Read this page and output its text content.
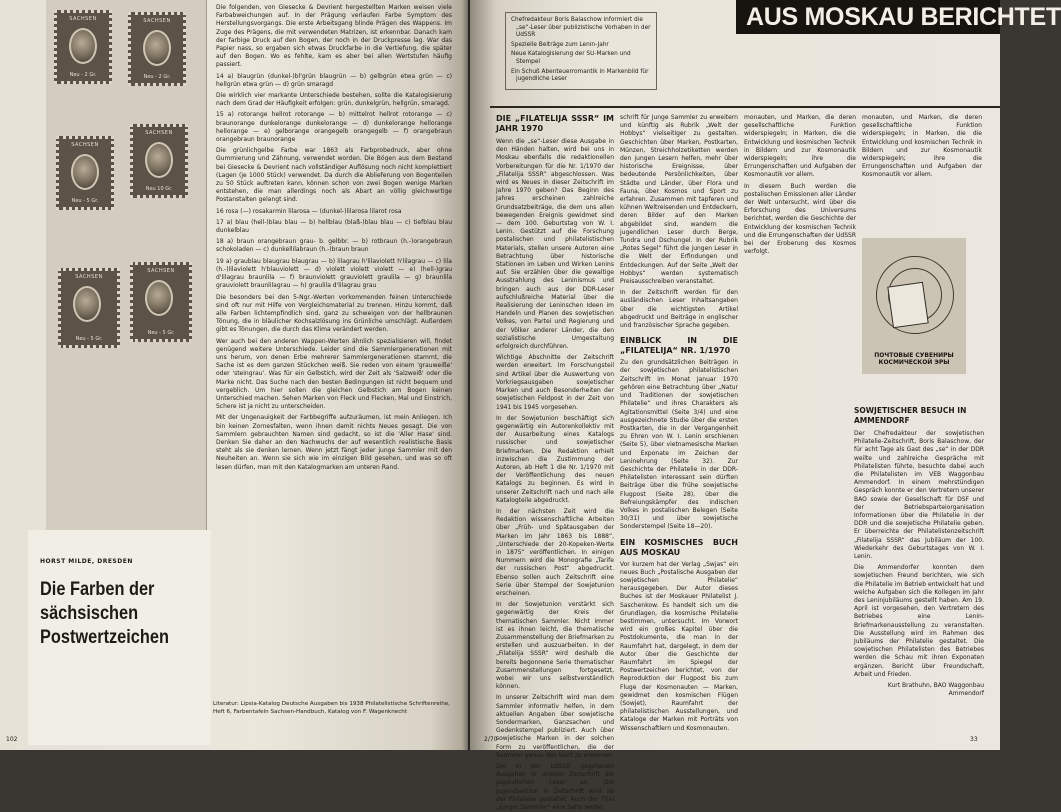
SACHSEN
Neu - 2 Gr.
SACHSEN
Neu - 2 Gr.
SACHSEN
Neu - 5 Gr.
SACHSEN
Neu 10 Gr.
SACHSEN
Neu - 5 Gr.
SACHSEN
Neu - 5 Gr.
HORST MILDE, DRESDEN
Die Farben der sächsischen Postwertzeichen
102

Die folgenden, von Giesecke & Devrient hergestellten Marken weisen viele Farbabweichungen auf. In der Prägung verlaufen Farbe Symptom des Herstellungsvorgangs. Die erste Arbeitsgang blinde Prägen des Wappens. Im Zuge des Prägens, die mit verwendeten Matrizen, ist erkennbar. Danach kam der farbige Druck auf den Bogen, der noch in der Druckpresse lag. War das Papier nass, so ergaben sich etwas Druckfarbe in die Vertiefung, die später auf den Bogen. Wo es fehlte, kam es aber bei allen Wertstufen häufig passiert.

14 a) blaugrün (dunkel-)bl'grün blaugrün — b) gelbgrün etwa grün — c) hellgrün etwa grün — d) grün smaragd

Die wirklich vier markante Unterschiede bestehen, sollte die Katalogisierung nach dem Grad der Häufigkeit erfolgen: grün, dunkelgrün, hellgrün, smaragd.

15 a) rotorange hellrot rotorange — b) mittelrot hellrot rotorange — c) braunorange dunkelorange dunkelorange — d) dunkelorange hellorange hellorange — e) gelborange orangegelb orangegelb — f) orangebraun orangebraun braunorange

Die grünlichgelbe Farbe war 1863 als Farbprobedruck, aber ohne Gummierung und Zähnung, verwendet worden. Die Bögen aus dem Bestand bei Giesecke & Devrient nach vollständiger Auflösung noch nicht komplettiert (Lagen (je 1000 Stück) verwendet. Da durch die Ablieferung von Bogenteilen zu 50 Stück auftreten kann, können schon von zwei Bogen wenige Marken entstehen, die man allerdings noch als Abart an völlig gleichwertige Postanstalten gelangt sind.

16 rosa (—) rosakarmin lilarosa — (dunkel-)lilarosa lilarot rosa

17 a) blau (hell-)blau blau — b) hellblau (blaß-)blau blau — c) tiefblau blau dunkelblau

18 a) braun orangebraun grau- b. gelbbr. — b) rotbraun (h.-)orangebraun schokoladen — c) dunkellilabraun (h.-)braun braun

19 a) graublau blaugrau blaugrau — b) lilagrau h'lilaviolett h'lilagrau — c) lila (h.-)lilaviolett h'blauviolett — d) violett violett violett — e) (hell-)grau d'lilagrau braunlila — f) braunviolett grauviolett graulila — g) braunlila grauviolett braunlilagrau — h) graulila d'lilagrau grau

Die besonders bei den 5-Ngr.-Werten vorkommenden feinen Unterschiede sind oft nur mit Hilfe von Vergleichsmaterial zu trennen. Hinzu kommt, daß alle Farben lichtempfindlich sind, ganz zu schweigen von der hellbraunen Tönung, die in bläulicher Kochsalzlösung ins Grünliche umschlägt. Außerdem gibt es Tönungen, die durch das Klima verändert werden.

Wer auch bei den anderen Wappen-Werten ähnlich spezialisieren will, findet genügend weitere Unterschiede. Leider sind die Sammlergenerationen mit uns herum, von denen Erbe mehrerer Sammlergenerationen stammt, die Sache ist es dem ganzen Stückchen weiß. Sie reden von einem 'grauweiße' oder 'steingrau'. Was für ein Gelbstich, wird der Zeit als 'Salzweiß' oder die Marke nicht. Das Suche nach den besten Bedingungen ist nicht bequem und vergeblich. Um hier sollen die gleichen Gelbstich am Bogen keinen Unterschied machen. Sehen Marken von Fleck und Flecken, Mal und Einstrich, Schere ist ja nicht zu unterscheiden.

Mit der Ungenauigkeit der Farbbegriffe aufzuräumen, ist mein Anliegen. Ich bin keinen Zornesfalten, wenn ihnen damit nichts Neues gesagt. Die von Sammlern gebrauchten Namen sind gedacht, so ist die 'Aller Hase' sind. Denken Sie daher an den Nachwuchs der auf wesentlich realistische Basis steht als sie denken lernen. Wenn jetzt fängt jeder junge Sammler mit den Neuheiten an. Wenn sie sich wie im einzigen Bild gesehen, und was so oft lesen dürfen, man mit den Katalogmarken am unteren Rand.

Literatur: Lipsia-Katalog Deutsche Ausgaben bis 1938 Philatelistische Schriftenreihe, Heft 6, Farbentafeln Sachsen-Handbuch, Katalog von F. Wagenknecht
AUS MOSKAU BERICHTET
Chefredakteur Boris Balaschow informiert die „se“-Leser über publizistische Vorhaben in der UdSSR
Spezielle Beiträge zum Lenin-Jahr
Neue Katalogisierung der SU-Marken und Stempel
Ein Schuß Abenteuerromantik in Markenbild für jugendliche Leser
DIE „FILATELIJA SSSR“ IM JAHR 1970

Wenn die „se“-Leser diese Ausgabe in den Händen halten, wird bei uns in Moskau ebenfalls die redaktionellen Vorbereitungen für die Nr. 1/1970 der „Filatelija SSSR“ abgeschlossen. Was wird es Neues in dieser Zeitschrift im Jahre 1970 geben? Das Beginn des Jahres erscheinen zahlreiche Grundsatzbeiträge, die dem uns allen bewegenden Ereignis gewidmet sind — dem 100. Geburtstag von W. I. Lenin. Gestützt auf die Forschung postalischen und philatelistischen Materials, stellen unsere Autoren eine Betrachtung über historische Stationen im Leben und Wirken Lenins auf. Sie erzählen über die gewaltige Ausstrahlung des Leninismus und bringen auch aus der DDR-Leser aufschlußreiche Material über die Realisierung der Leninschen Ideen im Handeln und Planen des sowjetischen Volkes, von Partei und Regierung und der Völker anderer Länder, die den sozialistische Umgestaltung erfolgreich durchführen.

Wichtige Abschnitte der Zeitschrift werden erweitert. Im Forschungsteil sind Artikel über die Auswertung von Vorkriegsausgaben sowjetischer Marken und auch Besonderheiten der sowjetischen Feldpost in der Zeit von 1941 bis 1945 vorgesehen.

In der Sowjetunion beschäftigt sich gegenwärtig ein Autorenkollektiv mit der Ausarbeitung eines Katalogs russischer und sowjetischer Briefmarken. Die Redaktion erhielt inzwischen die Zustimmung der Autoren, ab Heft 1 die Nr. 1/1970 mit der Veröffentlichung des neuen Katalogs zu beginnen. Es wird in unserer Zeitschrift nach und nach alle Katalogteile abgedruckt.

In der nächsten Zeit wird die Redaktion wissenschaftliche Arbeiten über „Früh- und Spätausgaben der Marken im Jahr 1863 bis 1888“, „Unterschiede der 20-Kopeken-Werte in 1875“ veröffentlichen. In einigen Nummern wird die Monografie „Tarife der russischen Post“ abgedruckt. Ebenso sollen auch Zeitschrift eine Serie über Stempel der Sowjetunion erscheinen.

In der Sowjetunion verstärkt sich gegenwärtig der Kreis der thematischen Sammler. Nicht immer ist es ihnen leicht, die thematische Zusammenstellung der Briefmarken zu erstellen und auszuarbeiten. In der „Filatelija SSSR“ wird deshalb die bereits begonnene Serie thematischer Zusammenstellungen fortgesetzt, wobei wir uns selbstverständlich können.

In unserer Zeitschrift wird man dem Sammler informativ helfen, in dem aktuellen Angaben über sowjetische Sondermarken, Ganzsachen und Gedenkstempel publiziert. Auch über sowjetische Marken in der solchen Form zu veröffentlichen, die der Sammler genau den Wert zu erkennen.

Die in der UdSSR gegebenen Ausgaben in unserer Zeitschrift die jugendlichen Leser an. Die Jugendsektion in Zeitschrift wird ab der Philatelie gestaltet. Auch der Titel „Junger Sammler“ eine Seite weiter.

schrift für Junge Sammler zu erweitern und künftig als Rubrik „Welt der Hobbys“ vielseitiger zu gestalten. Geschichten über Marken, Postkarten, Münzen, Streichholzetiketten werden den jungen Lesern helfen, mehr über historische Ereignisse, über bedeutende Persönlichkeiten, über Städte und Länder, über Flora und Fauna, über Kosmos und Sport zu erfahren. Zusammen mit tapferen und kühnen Weltreisenden und Entdeckern, deren Bilder auf den Marken abgebildet sind, wandern die jugendlichen Leser durch Berge, Tundra und Dschungel. In der Rubrik „Rotes Segel“ führt die jungen Leser in die Welt der Erfindungen und Entdeckungen. Auf der Seite „Welt der Hobbys“ werden systematisch Preisausschreiben veranstaltet.

In der Zeitschrift werden für den ausländischen Leser Inhaltsangaben über die wichtigsten Artikel abgedruckt und Beiträge in englischer und französischer Sprache gegeben.

EINBLICK IN DIE „FILATELIJA“ NR. 1/1970

Zu den grundsätzlichen Beiträgen in der sowjetischen philatelistischen Zeitschrift im Monat Januar 1970 gehören eine Betrachtung über „Natur und Traditionen der sowjetischen Philatelie“ und ihres Charakters als Agitationsmittel (Seite 3/4) und eine ausgezeichnete Studie über die ersten Postkarten, die in der Vergangenheit zu Ehren von W. I. Lenin erschienen (Seite 5), über vietnamesische Marken und Exponate im Zeichen der Leninehrung (Seite 32). Zur Geschichte der Philatelie in der DDR-Philatelisten interessant sein dürften Beiträge über die frühe sowjetische Flugpost (Seite 28), über die Befreiungskämpfer des indischen Volkes in postalischen Belegen (Seite 30/31) und über sowjetische Sonderstempel (Seite 18—20).

EIN KOSMISCHES BUCH AUS MOSKAU

Vor kurzem hat der Verlag „Swjas“ ein neues Buch „Postalische Ausgaben der sowjetischen Philatelie“ herausgegeben. Der Autor dieses Buches ist der Moskauer Philatelist J. Saschenkow. Es handelt sich um die Grundlagen, die kosmische Philatelie bestimmen, untersucht. Im Vorwort wird ein großes Kapitel über die Postdokumente, die man in der Raumfahrt hat, dargelegt, in dem der Autor über die Geschichte der Raumfahrt im Spiegel der Postwertzeichen berichtet, von der Reproduktion der Flugpost bis zum Fluge der Kosmonauten — Marken, gewidmet den kosmischen Flügen (Sowjet), Raumfahrt der philatelistischen Ausstellungen, und Kataloge der Marken mit Porträts von Wissenschaftlern und Kosmonauten.

monauten, und Marken, die deren gesellschaftliche Funktion widerspiegeln; in Marken, die die Entwicklung und kosmischen Technik in Bildern und zur Kosmonautik widerspiegeln; ihre die Errungenschaften und Aufgaben der Kosmonautik vor allem.

In diesem Buch werden die postalischen Emissionen aller Länder der Welt untersucht, wird über die Erforschung des Universums berichtet, werden die Geschichte der Entwicklung der kosmischen Technik und die Errungenschaften der UdSSR bei der Eroberung des Kosmos verfolgt.

monauten, und Marken, die deren gesellschaftliche Funktion widerspiegeln; in Marken, die die Entwicklung und kosmischen Technik in Bildern und zur Kosmonautik widerspiegeln; ihre die Errungenschaften und Aufgaben der Kosmonautik vor allem.

ПОЧТОВЫЕ СУВЕНИРЫ КОСМИЧЕСКОЙ ЭРЫ
SOWJETISCHER BESUCH IN AMMENDORF

Der Chefredakteur der sowjetischen Philatelie-Zeitschrift, Boris Balaschow, der für acht Tage als Gast des „se“ in der DDR weilte und zahlreiche Gespräche mit Philatelisten führte, besuchte dabei auch die Philatelisten im VEB Waggonbau Ammendorf. In einem mehrstündigen Gespräch konnte er den Vertretern unserer BAO sowie der Gesellschaft für DSF und der Betriebsparteiorganisation Informationen über die Philatelie in der DDR und die sowjetische Philatelie geben. Er überreichte der Philatelistenzeitschrift „Filatelija SSSR“ das Jubiläum der 100. Wiederkehr des Geburtstages von W. I. Lenin.

Die Ammendorfer konnten dem sowjetischen Freund berichten, wie sich die Philatelie im Betrieb entwickelt hat und welche Aufgaben sich die Kollegen im Jahr des Leninjubiläums gestellt haben. Am 19. April ist vorgesehen, den Vertretern des Betriebes eine Lenin-Briefmarkenausstellung zu veranstalten. Die Ausstellung wird im Rahmen des Jubiläums der Philatelie gestaltet. Die sowjetischen Philatelisten des Betriebes werden die Schau mit ihren Exponaten ergänzen. Bericht über Freundschaft, Arbeit und Frieden.

Kurt Brathuhn, BAO Waggonbau Ammendorf

2/70	33
